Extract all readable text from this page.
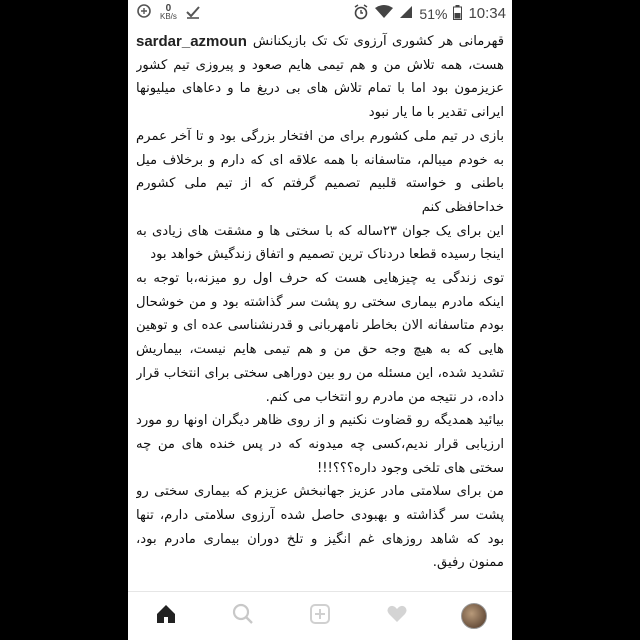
0
KB/s	51% 10:34
sardar_azmoun قهرمانی هر کشوری آرزوی تک تک بازیکنانش هست، همه تلاش من و هم تیمی هایم صعود و پیروزی تیم کشور عزیزمون بود اما با تمام تلاش های بی دریغ ما و دعاهای میلیونها ایرانی تقدیر با ما یار نبود

بازی در تیم ملی کشورم برای من افتخار بزرگی بود و تا آخر عمرم به خودم میبالم، متاسفانه با همه علاقه ای که دارم و برخلاف میل باطنی و خواسته قلبیم تصمیم گرفتم که از تیم ملی کشورم خداحافظی کنم

این برای یک جوان ۲۳ساله که با سختی ها و مشقت های زیادی به اینجا رسیده قطعا دردناک ترین تصمیم و اتفاق زندگیش خواهد بود

توی زندگی یه چیزهایی هست که حرف اول رو میزنه،با توجه به اینکه مادرم بیماری سختی رو پشت سر گذاشته بود و من خوشحال بودم متاسفانه الان بخاطر نامهربانی و قدرنشناسی عده ای و توهین هایی که به هیچ وجه حق من و هم تیمی هایم نیست، بیماریش تشدید شده، این مسئله من رو بین دوراهی سختی برای انتخاب قرار داده، در نتیجه من مادرم رو انتخاب می کنم.

بیائید همدیگه رو قضاوت نکنیم و از روی ظاهر دیگران اونها رو مورد ارزیابی قرار ندیم،کسی چه میدونه که در پس خنده های من چه سختی های تلخی وجود داره؟؟؟!!!

من برای سلامتی مادر عزیز جهانبخش عزیزم که بیماری سختی رو پشت سر گذاشته و بهبودی حاصل شده آرزوی سلامتی دارم، تنها بود که شاهد روزهای غم انگیز و تلخ دوران بیماری مادرم بود، ممنون رفیق.
